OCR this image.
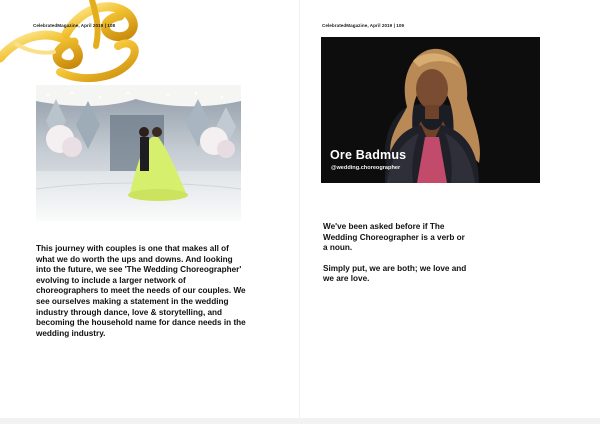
CelebratedMagazine, April 2019 | 108

This journey with couples is one that makes all of what we do worth the ups and downs. And looking into the future, we see 'The Wedding Choreographer' evolving to include a larger network of choreographers to meet the needs of our couples. We see ourselves making a statement in the wedding industry through dance, love & storytelling, and becoming the household name for dance needs in the wedding industry.

CelebratedMagazine, April 2019 | 109
Ore Badmus
@wedding.choreographer

We've been asked before if The Wedding Choreographer is a verb or a noun.

Simply put, we are both; we love and we are love.
